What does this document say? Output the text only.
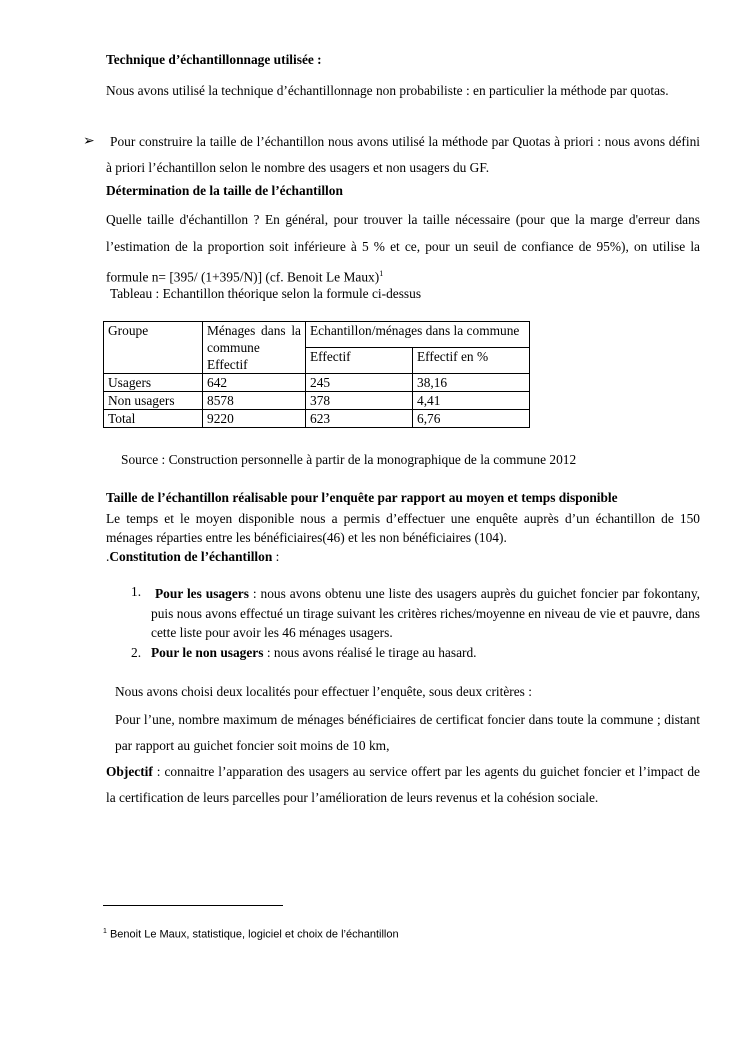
Technique d’échantillonnage utilisée :
Nous avons utilisé la technique d’échantillonnage non probabiliste : en particulier la méthode par quotas.
➢ Pour construire la taille de l’échantillon nous avons utilisé la méthode par Quotas à priori : nous avons défini à priori l’échantillon selon le nombre des usagers et non usagers du GF.
Détermination de la taille de l’échantillon
Quelle taille d'échantillon ? En général, pour trouver la taille nécessaire (pour que la marge d'erreur dans l’estimation de la proportion soit inférieure à 5 % et ce, pour un seuil de confiance de 95%), on utilise la formule n= [395/ (1+395/N)] (cf. Benoit Le Maux)$^1$
Tableau : Echantillon théorique selon la formule ci-dessus
Groupe	Ménages dans la commune Effectif	Echantillon/ménages dans la commune	
		Effectif	Effectif en %
Usagers	642	245	38,16
Non usagers	8578	378	4,41
Total	9220	623	6,76
Source : Construction personnelle à partir de la monographique de la commune 2012
Taille de l’échantillon réalisable pour l’enquête par rapport au moyen et temps disponible
Le temps et le moyen disponible nous a permis d’effectuer une enquête auprès d’un échantillon de 150 ménages réparties entre les bénéficiaires(46) et les non bénéficiaires (104).
.Constitution de l’échantillon :
1. Pour les usagers : nous avons obtenu une liste des usagers auprès du guichet foncier par fokontany, puis nous avons effectué un tirage suivant les critères riches/moyenne en niveau de vie et pauvre, dans cette liste pour avoir les 46 ménages usagers.
2. Pour le non usagers : nous avons réalisé le tirage au hasard.
Nous avons choisi deux localités pour effectuer l’enquête, sous deux critères :
Pour l’une, nombre maximum de ménages bénéficiaires de certificat foncier dans toute la commune ; distant par rapport au guichet foncier soit moins de 10 km,
Objectif : connaitre l’apparation des usagers au service offert par les agents du guichet foncier et l’impact de la certification de leurs parcelles pour l’amélioration de leurs revenus et la cohésion sociale.
$^1$ Benoit Le Maux, statistique, logiciel et choix de l’échantillon
